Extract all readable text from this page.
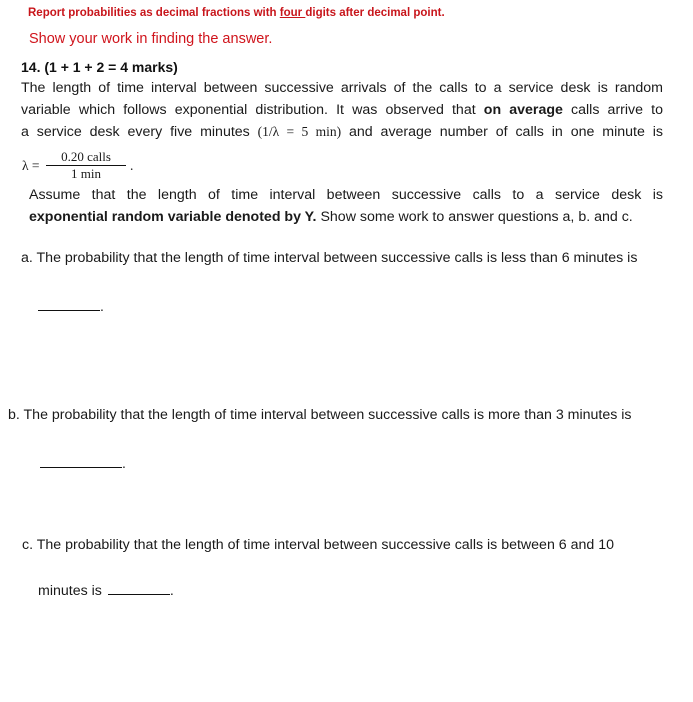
Report probabilities as decimal fractions with four digits after decimal point.
Show your work in finding the answer.
14. (1 + 1 + 2 = 4 marks)
The length of time interval between successive arrivals of the calls to a service desk is random
variable which follows exponential distribution. It was observed that on average calls arrive to
a service desk every five minutes (1/λ = 5 min) and average number of calls in one minute is
λ =
0.20 calls
1 min
.
Assume that the length of time interval between successive calls to a service desk is
exponential random variable denoted by Y. Show some work to answer questions a, b. and c.
a. The probability that the length of time interval between successive calls is less than 6 minutes is
.
b. The probability that the length of time interval between successive calls is more than 3 minutes is
.
c. The probability that the length of time interval between successive calls is between 6 and 10
minutes is	.
